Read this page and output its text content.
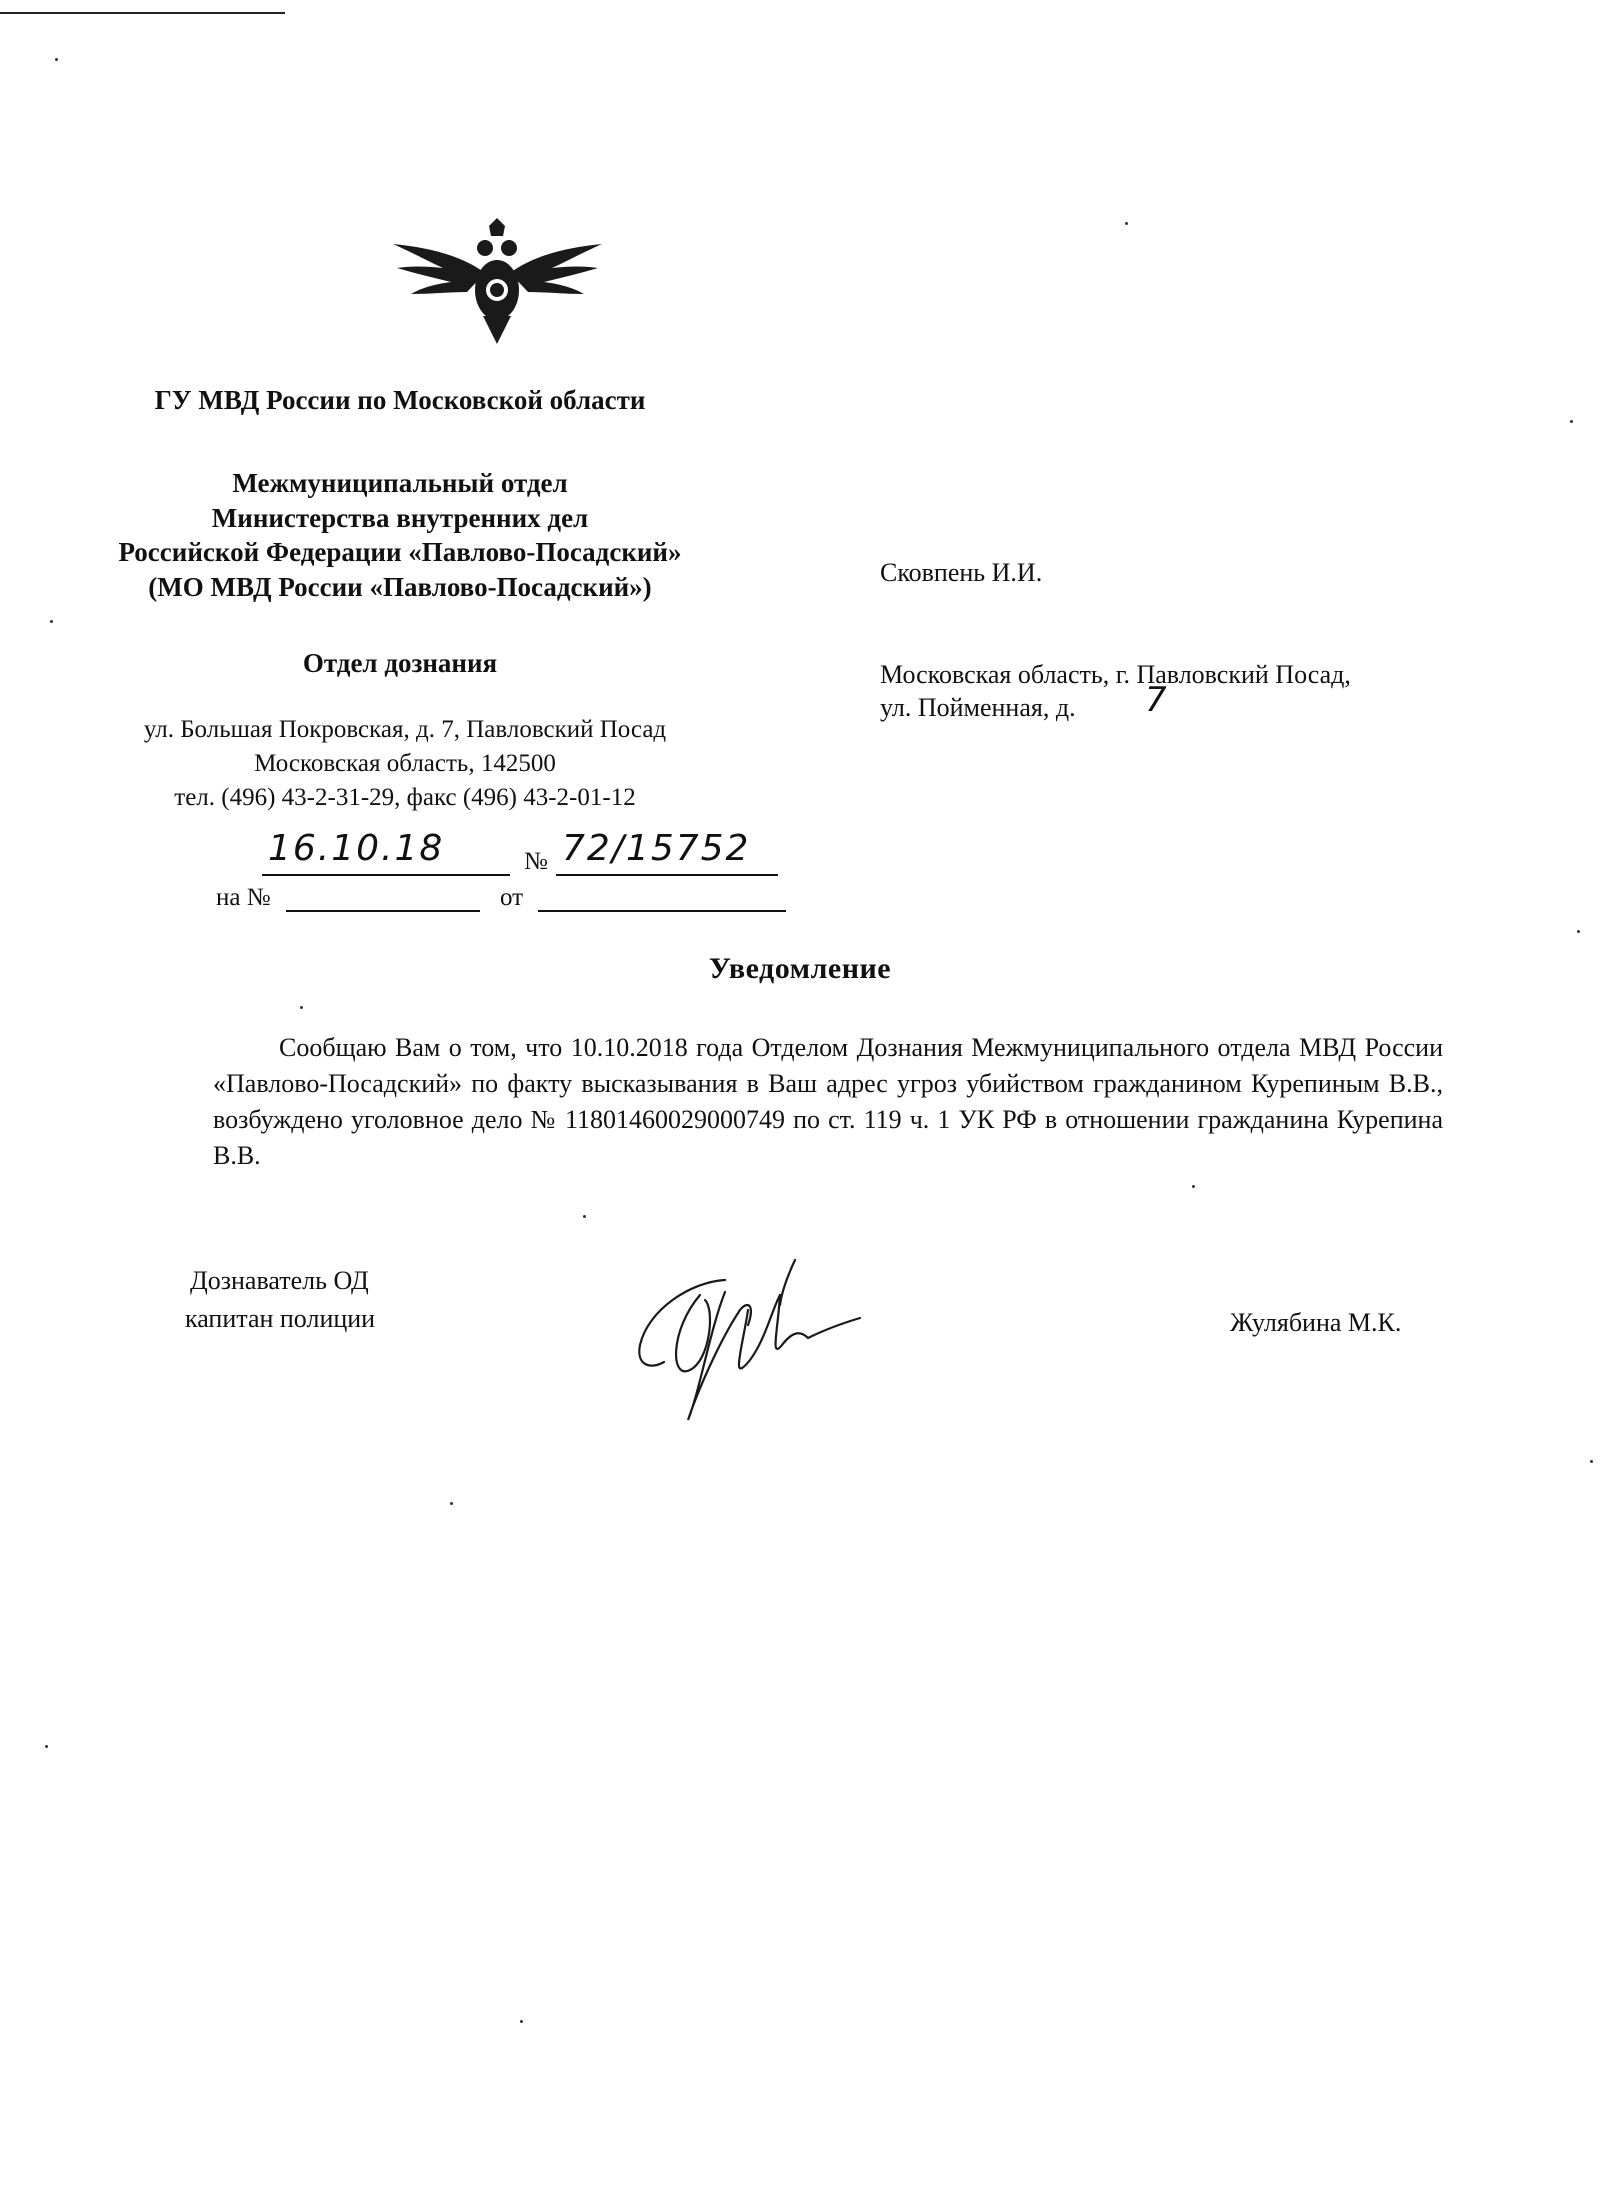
ГУ МВД России по Московской области
Межмуниципальный отдел
Министерства внутренних дел
Российской Федерации «Павлово-Посадский»
(МО МВД России «Павлово-Посадский»)
Отдел дознания
ул. Большая Покровская, д. 7, Павловский Посад
Московская область, 142500
тел. (496) 43-2-31-29, факс (496) 43-2-01-12
16.10.18	№ 72/15752
на №	от
Сковпень И.И.
Московская область, г. Павловский Посад,
ул. Пойменная, д. 7
Уведомление
Сообщаю Вам о том, что 10.10.2018 года Отделом Дознания Межмуниципального отдела МВД России «Павлово-Посадский» по факту высказывания в Ваш адрес угроз убийством гражданином Курепиным В.В., возбуждено уголовное дело № 11801460029000749 по ст. 119 ч. 1 УК РФ в отношении гражданина Курепина В.В.
Дознаватель ОД
капитан полиции	Жулябина М.К.
